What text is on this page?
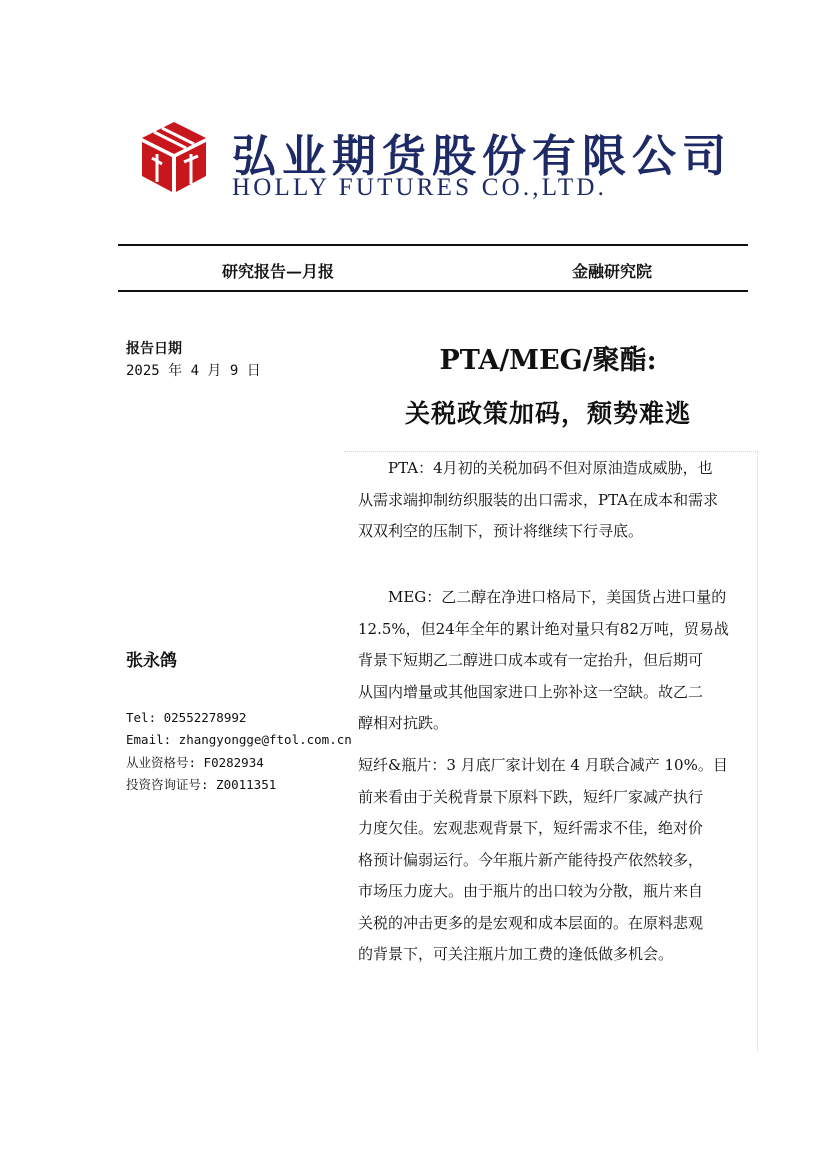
弘业期货股份有限公司
HOLLY FUTURES CO.,LTD.
研究报告—月报	金融研究院
报告日期
2025 年 4 月 9 日
张永鸽
Tel: 02552278992
Email: zhangyongge@ftol.com.cn
从业资格号: F0282934
投资咨询证号: Z0011351
PTA/MEG/聚酯:
关税政策加码，颓势难逃

　　PTA：4月初的关税加码不但对原油造成威胁，也
从需求端抑制纺织服装的出口需求，PTA在成本和需求
双双利空的压制下，预计将继续下行寻底。

　　MEG：乙二醇在净进口格局下，美国货占进口量的
12.5%，但24年全年的累计绝对量只有82万吨，贸易战
背景下短期乙二醇进口成本或有一定抬升，但后期可
从国内增量或其他国家进口上弥补这一空缺。故乙二
醇相对抗跌。

短纤&瓶片：3 月底厂家计划在 4 月联合减产 10%。目
前来看由于关税背景下原料下跌，短纤厂家减产执行
力度欠佳。宏观悲观背景下，短纤需求不佳，绝对价
格预计偏弱运行。今年瓶片新产能待投产依然较多，
市场压力庞大。由于瓶片的出口较为分散，瓶片来自
关税的冲击更多的是宏观和成本层面的。在原料悲观
的背景下，可关注瓶片加工费的逢低做多机会。
